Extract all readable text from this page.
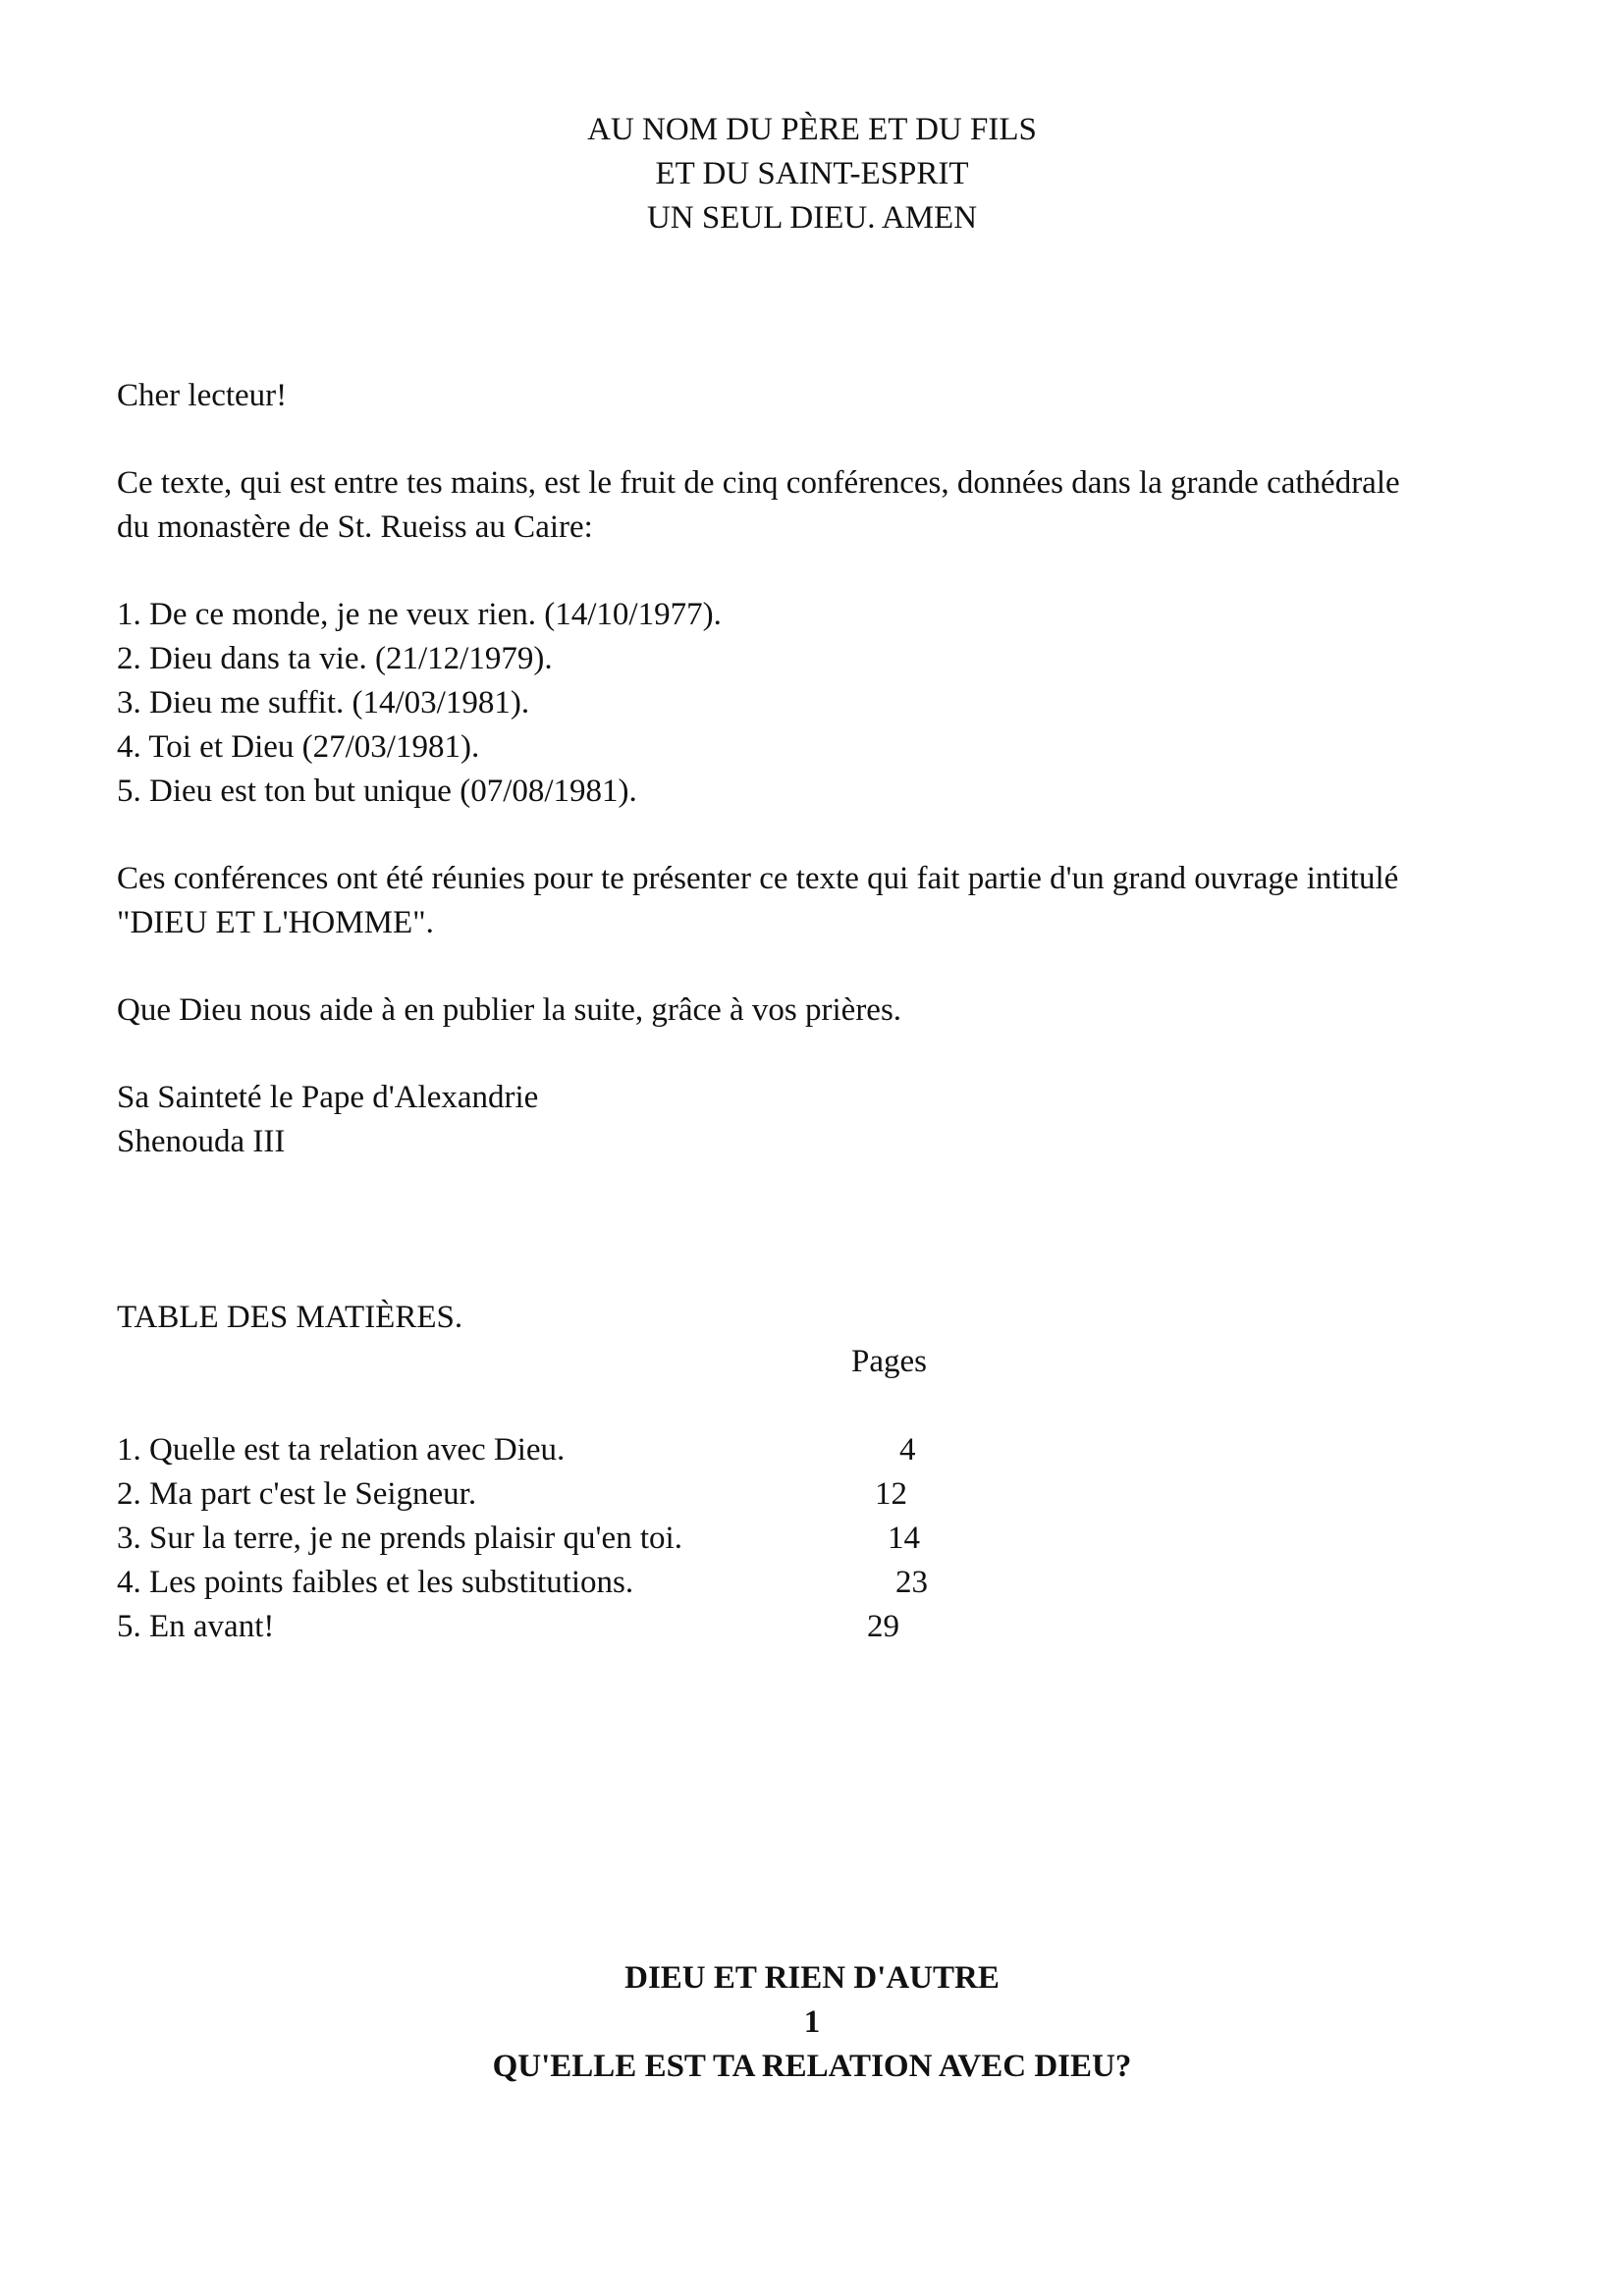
AU NOM DU PÈRE ET DU FILS
ET DU SAINT-ESPRIT
UN SEUL DIEU. AMEN
Cher lecteur!
Ce texte, qui est entre tes mains, est le fruit de cinq conférences, données dans la grande cathédrale
du monastère de St. Rueiss au Caire:
1. De ce monde, je ne veux rien. (14/10/1977).
2. Dieu dans ta vie. (21/12/1979).
3. Dieu me suffit. (14/03/1981).
4. Toi et Dieu (27/03/1981).
5. Dieu est ton but unique (07/08/1981).
Ces conférences ont été réunies pour te présenter ce texte qui fait partie d'un grand ouvrage intitulé
"DIEU ET L'HOMME".
Que Dieu nous aide à en publier la suite, grâce à vos prières.
Sa Sainteté le Pape d'Alexandrie
Shenouda III
TABLE DES MATIÈRES.
Pages
1. Quelle est ta relation avec Dieu.	4
2. Ma part c'est le Seigneur.	12
3. Sur la terre, je ne prends plaisir qu'en toi.	14
4. Les points faibles et les substitutions.	23
5. En avant!	29
DIEU ET RIEN D'AUTRE
1
QU'ELLE EST TA RELATION AVEC DIEU?
